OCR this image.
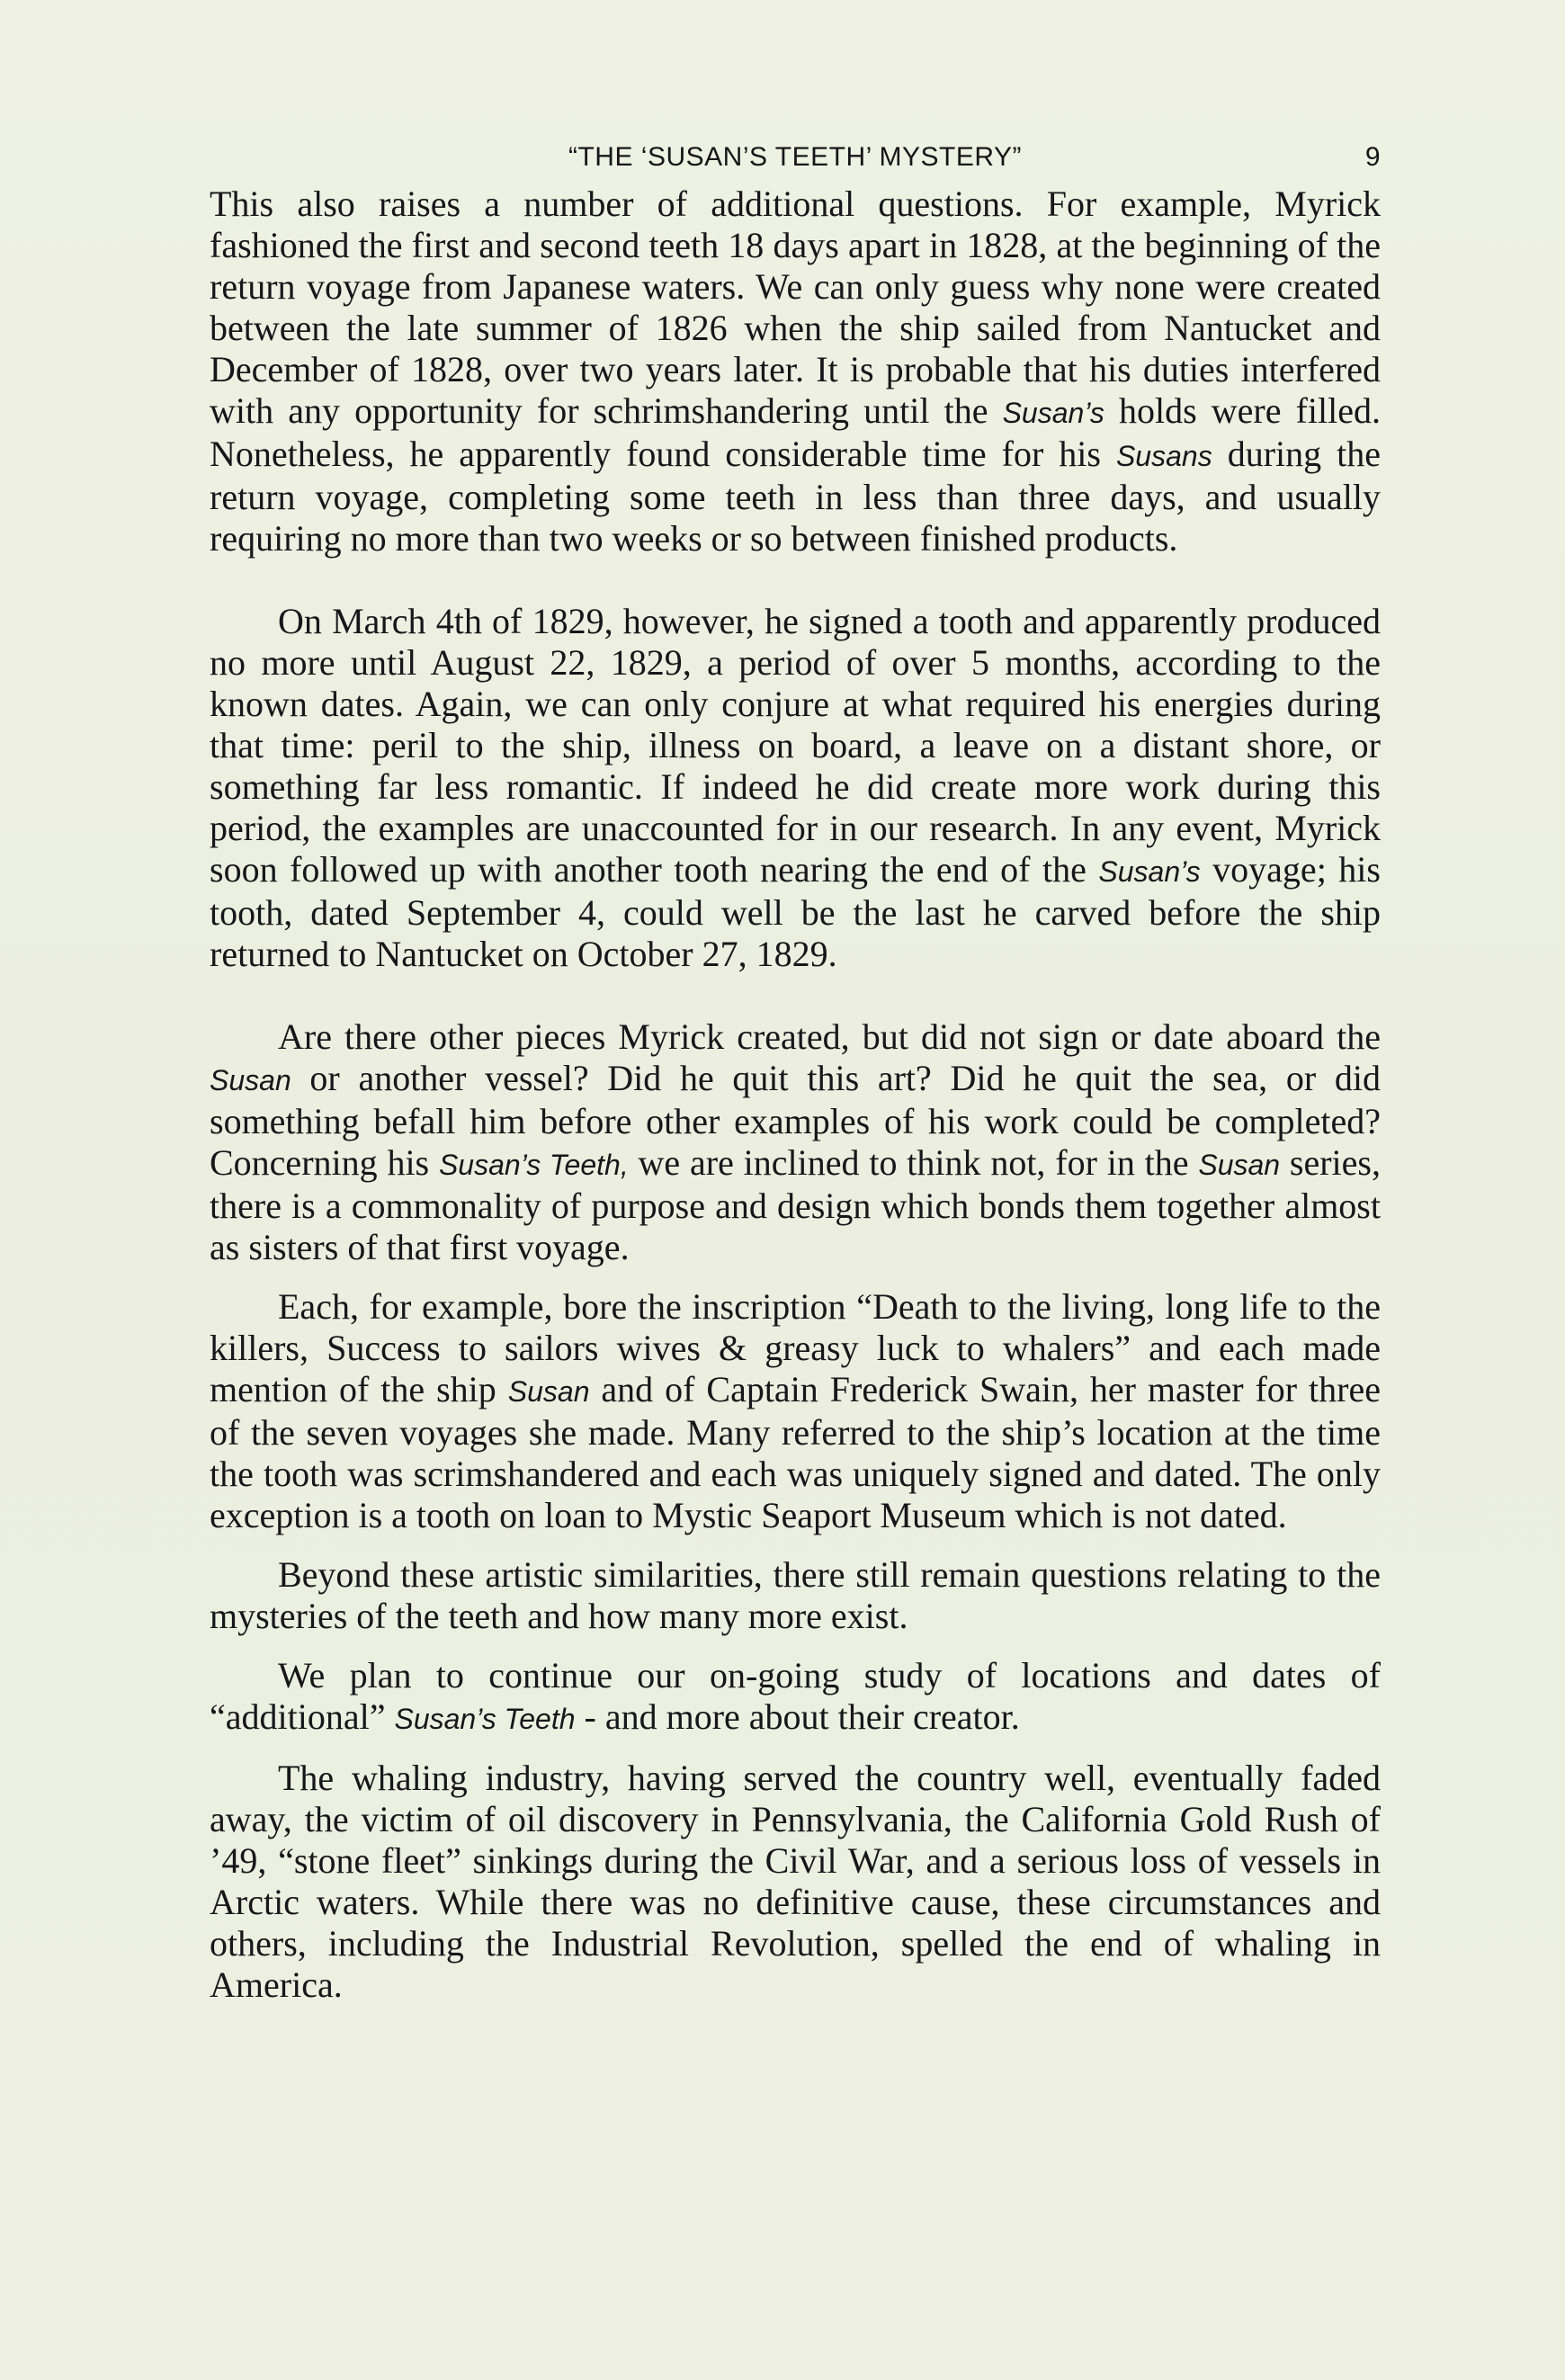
“THE ‘SUSAN’S TEETH’ MYSTERY”	9

This also raises a number of additional questions. For example, Myrick fashioned the first and second teeth 18 days apart in 1828, at the beginning of the return voyage from Japanese waters. We can only guess why none were created between the late summer of 1826 when the ship sailed from Nantucket and December of 1828, over two years later. It is probable that his duties interfered with any opportunity for schrimshandering until the Susan’s holds were filled. Nonetheless, he apparently found considerable time for his Susans during the return voyage, completing some teeth in less than three days, and usually requiring no more than two weeks or so between finished products.

On March 4th of 1829, however, he signed a tooth and apparently produced no more until August 22, 1829, a period of over 5 months, according to the known dates. Again, we can only conjure at what required his energies during that time: peril to the ship, illness on board, a leave on a distant shore, or something far less romantic. If indeed he did create more work during this period, the examples are unaccounted for in our research. In any event, Myrick soon followed up with another tooth nearing the end of the Susan’s voyage; his tooth, dated September 4, could well be the last he carved before the ship returned to Nantucket on October 27, 1829.

Are there other pieces Myrick created, but did not sign or date aboard the Susan or another vessel? Did he quit this art? Did he quit the sea, or did something befall him before other examples of his work could be completed? Concerning his Susan’s Teeth, we are inclined to think not, for in the Susan series, there is a commonality of purpose and design which bonds them together almost as sisters of that first voyage.

Each, for example, bore the inscription “Death to the living, long life to the killers, Success to sailors wives & greasy luck to whalers” and each made mention of the ship Susan and of Captain Frederick Swain, her master for three of the seven voyages she made. Many referred to the ship’s location at the time the tooth was scrimshandered and each was uniquely signed and dated. The only exception is a tooth on loan to Mystic Seaport Museum which is not dated.

Beyond these artistic similarities, there still remain questions relating to the mysteries of the teeth and how many more exist.

We plan to continue our on-going study of locations and dates of “additional” Susan’s Teeth - and more about their creator.

The whaling industry, having served the country well, eventually faded away, the victim of oil discovery in Pennsylvania, the California Gold Rush of ’49, “stone fleet” sinkings during the Civil War, and a serious loss of vessels in Arctic waters. While there was no definitive cause, these circumstances and others, including the Industrial Revolution, spelled the end of whaling in America.
